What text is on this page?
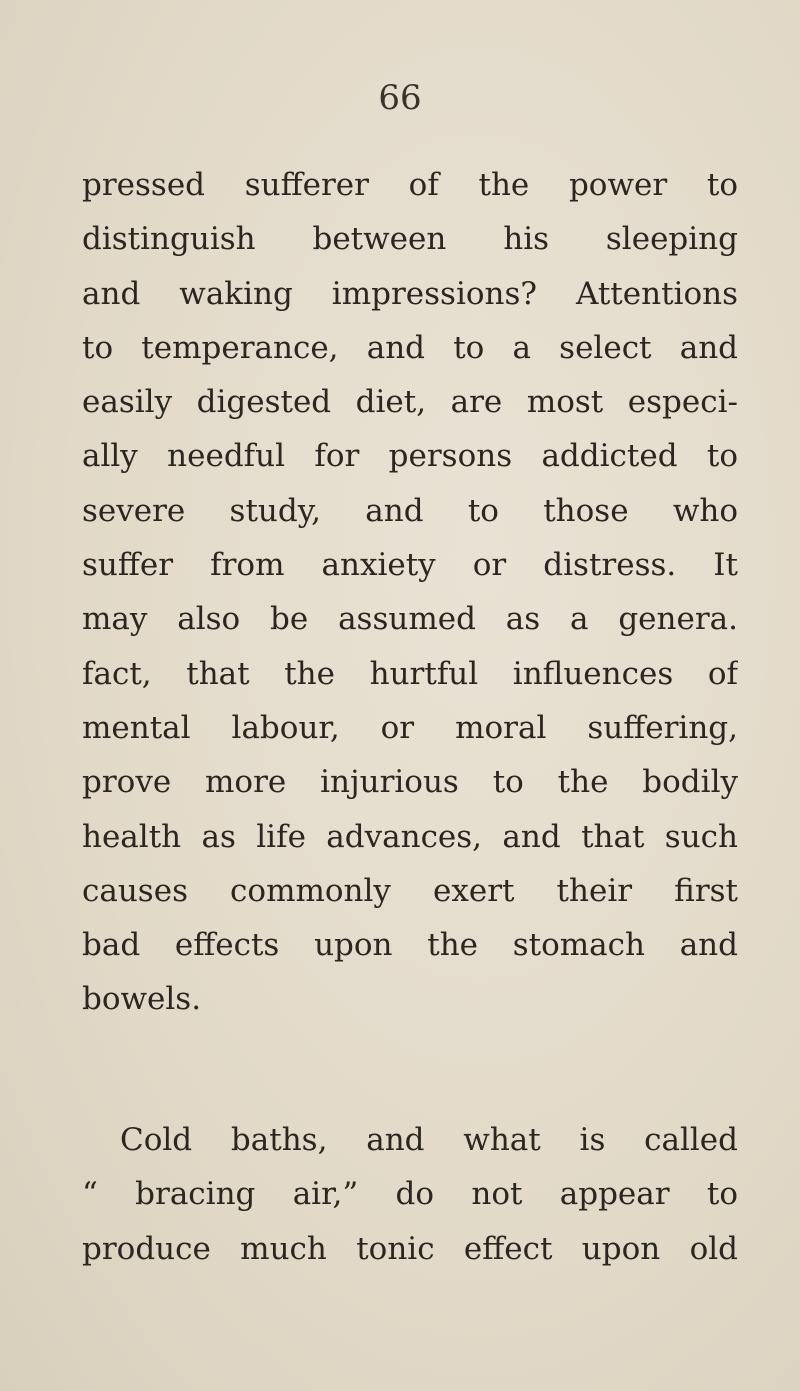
66
pressed sufferer of the power to
distinguish between his sleeping
and waking impressions? Attentions
to temperance, and to a select and
easily digested diet, are most especi-
ally needful for persons addicted to
severe study, and to those who
suffer from anxiety or distress. It
may also be assumed as a genera.
fact, that the hurtful influences of
mental labour, or moral suffering,
prove more injurious to the bodily
health as life advances, and that such
causes commonly exert their first
bad effects upon the stomach and
bowels.
Cold baths, and what is called
“ bracing air,” do not appear to
produce much tonic effect upon old
